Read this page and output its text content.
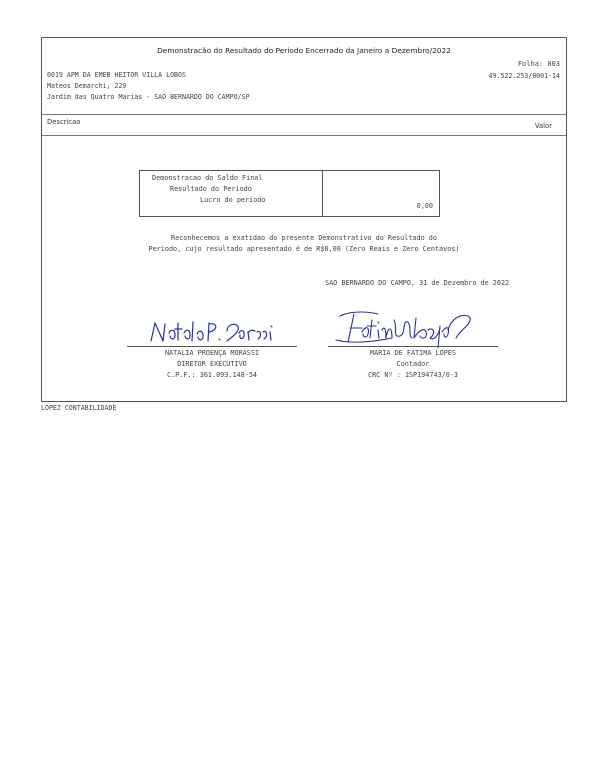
Demonstracão do Resultado do Periodo Encerrado da Janeiro a Dezembro/2022
Folha: 003
0019 APM DA EMEB HEITOR VILLA LOBOS	49.522.253/0001-14
Mateos Demarchi, 229
Jardim das Quatro Marias - SAO BERNARDO DO CAMPO/SP
Descricao	Valor
Demonstracao do Saldo Final
Resultado do Periodo
Lucro do periodo
0,00
Reconhecemos a exatidao do presente Demonstrativo do Resultado do
Periodo, cujo resultado apresentado é de R$0,00 (Zero Reais e Zero Centavos)
SAO BERNARDO DO CAMPO, 31 de Dezembro de 2022
NATALIA PROENÇA MORASSI
DIRETOR EXECUTIVO
C.P.F.: 361.093.148-54
MARIA DE FATIMA LOPES
Contador
CRC Nº : 1SP194743/0-3
LOPEZ CONTABILIDADE
